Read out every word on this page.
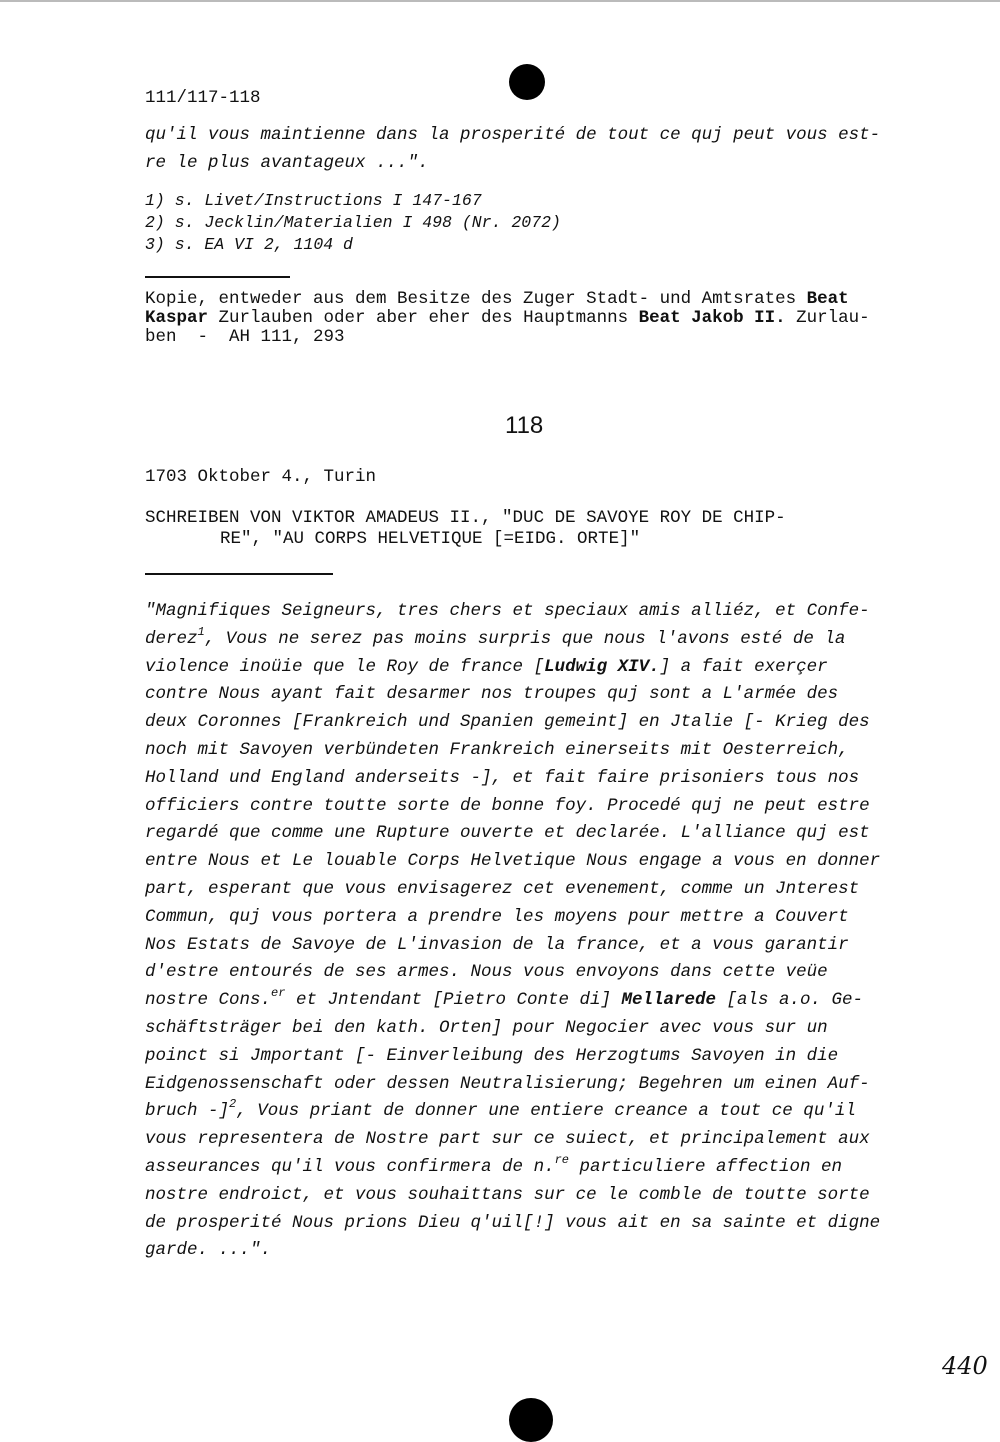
111/117-118
qu'il vous maintienne dans la prosperité de tout ce quj peut vous est-
re le plus avantageux ...".
1) s. Livet/Instructions I 147-167
2) s. Jecklin/Materialien I 498 (Nr. 2072)
3) s. EA VI 2, 1104 d
Kopie, entweder aus dem Besitze des Zuger Stadt- und Amtsrates Beat
Kaspar Zurlauben oder aber eher des Hauptmanns Beat Jakob II. Zurlau-
ben  -  AH 111, 293
118
1703 Oktober 4., Turin
SCHREIBEN VON VIKTOR AMADEUS II., "DUC DE SAVOYE ROY DE CHIP-
RE", "AU CORPS HELVETIQUE [=EIDG. ORTE]"
"Magnifiques Seigneurs, tres chers et speciaux amis alliéz, et Confe-
derez$^1$, Vous ne serez pas moins surpris que nous l'avons esté de la
violence inoüie que le Roy de france [Ludwig XIV.] a fait exerçer
contre Nous ayant fait desarmer nos troupes quj sont a L'armée des
deux Coronnes [Frankreich und Spanien gemeint] en Jtalie [- Krieg des
noch mit Savoyen verbündeten Frankreich einerseits mit Oesterreich,
Holland und England anderseits -], et fait faire prisoniers tous nos
officiers contre toutte sorte de bonne foy. Procedé quj ne peut estre
regardé que comme une Rupture ouverte et declarée. L'alliance quj est
entre Nous et Le louable Corps Helvetique Nous engage a vous en donner
part, esperant que vous envisagerez cet evenement, comme un Jnterest
Commun, quj vous portera a prendre les moyens pour mettre a Couvert
Nos Estats de Savoye de L'invasion de la france, et a vous garantir
d'estre entourés de ses armes. Nous vous envoyons dans cette veüe
nostre Cons.$^{er}$ et Jntendant [Pietro Conte di] Mellarede [als a.o. Ge-
schäftsträger bei den kath. Orten] pour Negocier avec vous sur un
poinct si Jmportant [- Einverleibung des Herzogtums Savoyen in die
Eidgenossenschaft oder dessen Neutralisierung; Begehren um einen Auf-
bruch -]$^2$, Vous priant de donner une entiere creance a tout ce qu'il
vous representera de Nostre part sur ce suiect, et principalement aux
asseurances qu'il vous confirmera de n.$^{re}$ particuliere affection en
nostre endroict, et vous souhaittans sur ce le comble de toutte sorte
de prosperité Nous prions Dieu q'uil[!] vous ait en sa sainte et digne
garde. ...".
440
